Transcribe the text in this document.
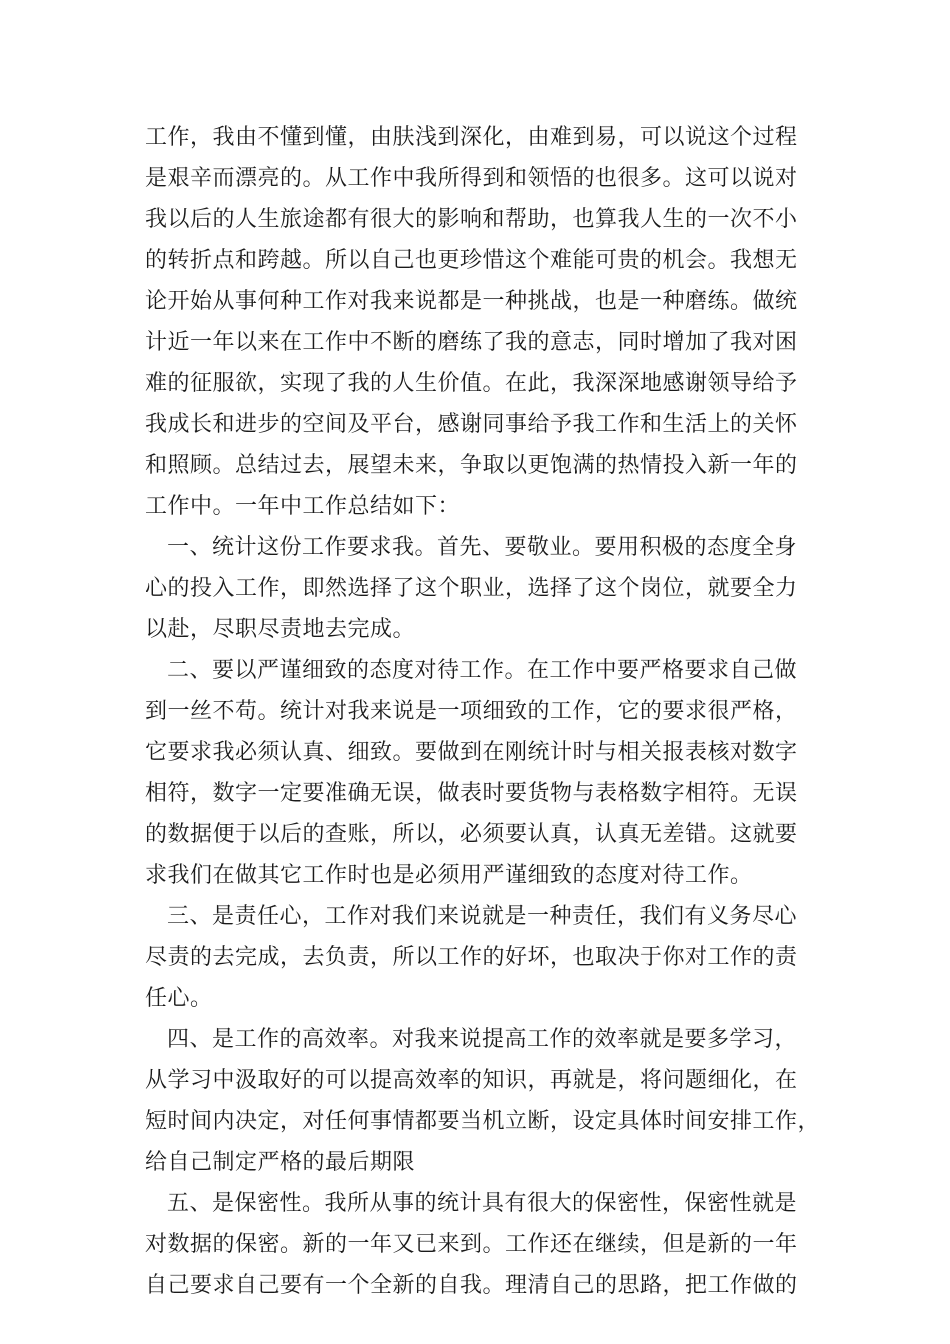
工作，我由不懂到懂，由肤浅到深化，由难到易，可以说这个过程
是艰辛而漂亮的。从工作中我所得到和领悟的也很多。这可以说对
我以后的人生旅途都有很大的影响和帮助，也算我人生的一次不小
的转折点和跨越。所以自己也更珍惜这个难能可贵的机会。我想无
论开始从事何种工作对我来说都是一种挑战，也是一种磨练。做统
计近一年以来在工作中不断的磨练了我的意志，同时增加了我对困
难的征服欲，实现了我的人生价值。在此，我深深地感谢领导给予
我成长和进步的空间及平台，感谢同事给予我工作和生活上的关怀
和照顾。总结过去，展望未来，争取以更饱满的热情投入新一年的
工作中。一年中工作总结如下：
一、统计这份工作要求我。首先、要敬业。要用积极的态度全身
心的投入工作，即然选择了这个职业，选择了这个岗位，就要全力
以赴，尽职尽责地去完成。
二、要以严谨细致的态度对待工作。在工作中要严格要求自己做
到一丝不苟。统计对我来说是一项细致的工作，它的要求很严格，
它要求我必须认真、细致。要做到在刚统计时与相关报表核对数字
相符，数字一定要准确无误，做表时要货物与表格数字相符。无误
的数据便于以后的查账，所以，必须要认真，认真无差错。这就要
求我们在做其它工作时也是必须用严谨细致的态度对待工作。
三、是责任心，工作对我们来说就是一种责任，我们有义务尽心
尽责的去完成，去负责，所以工作的好坏，也取决于你对工作的责
任心。
四、是工作的高效率。对我来说提高工作的效率就是要多学习，
从学习中汲取好的可以提高效率的知识，再就是，将问题细化，在
短时间内决定，对任何事情都要当机立断，设定具体时间安排工作，
给自己制定严格的最后期限
五、是保密性。我所从事的统计具有很大的保密性，保密性就是
对数据的保密。新的一年又已来到。工作还在继续，但是新的一年
自己要求自己要有一个全新的自我。理清自己的思路，把工作做的
